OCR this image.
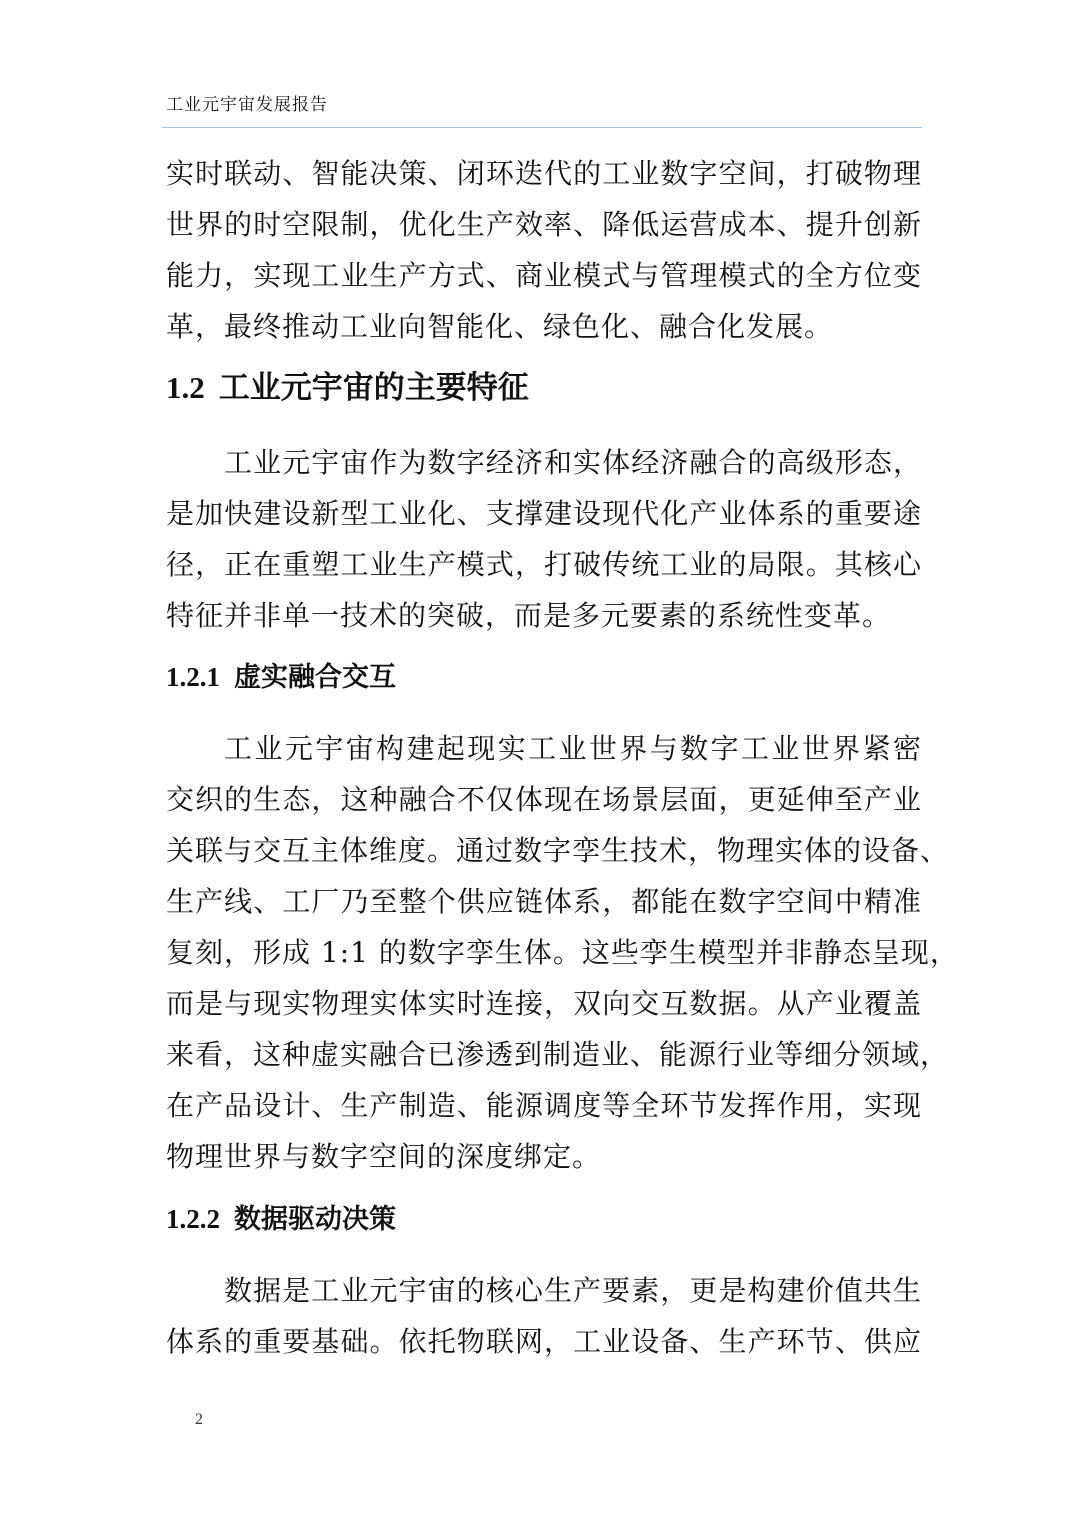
工业元宇宙发展报告
实时联动、智能决策、闭环迭代的工业数字空间，打破物理
世界的时空限制，优化生产效率、降低运营成本、提升创新
能力，实现工业生产方式、商业模式与管理模式的全方位变
革，最终推动工业向智能化、绿色化、融合化发展。
1.2 工业元宇宙的主要特征
工业元宇宙作为数字经济和实体经济融合的高级形态，
是加快建设新型工业化、支撑建设现代化产业体系的重要途
径，正在重塑工业生产模式，打破传统工业的局限。其核心
特征并非单一技术的突破，而是多元要素的系统性变革。
1.2.1 虚实融合交互
工业元宇宙构建起现实工业世界与数字工业世界紧密
交织的生态，这种融合不仅体现在场景层面，更延伸至产业
关联与交互主体维度。通过数字孪生技术，物理实体的设备、
生产线、工厂乃至整个供应链体系，都能在数字空间中精准
复刻，形成 1:1 的数字孪生体。这些孪生模型并非静态呈现，
而是与现实物理实体实时连接，双向交互数据。从产业覆盖
来看，这种虚实融合已渗透到制造业、能源行业等细分领域，
在产品设计、生产制造、能源调度等全环节发挥作用，实现
物理世界与数字空间的深度绑定。
1.2.2 数据驱动决策
数据是工业元宇宙的核心生产要素，更是构建价值共生
体系的重要基础。依托物联网，工业设备、生产环节、供应
2
